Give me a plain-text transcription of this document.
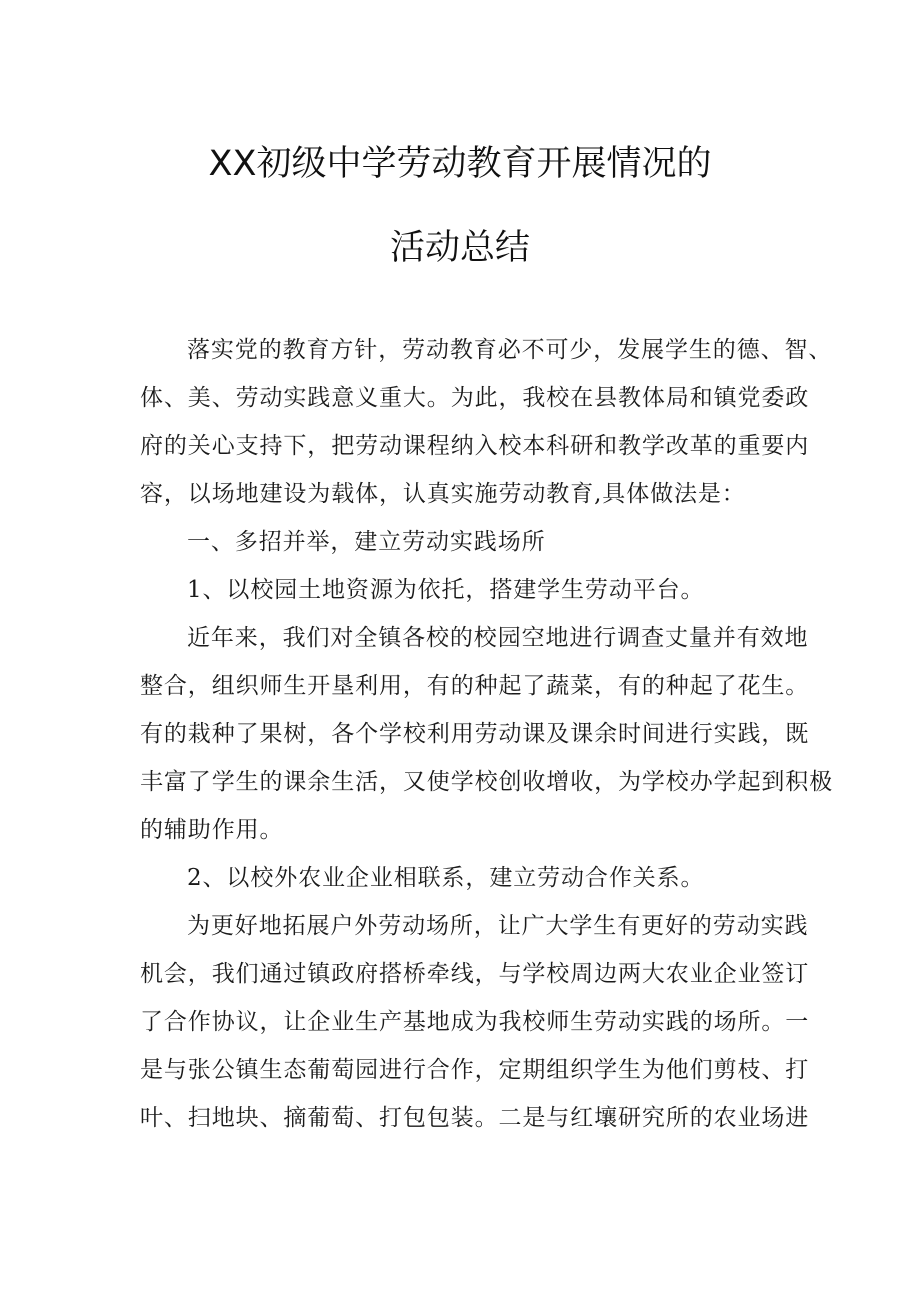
XX初级中学劳动教育开展情况的
活动总结
落实党的教育方针，劳动教育必不可少，发展学生的德、智、
体、美、劳动实践意义重大。为此，我校在县教体局和镇党委政
府的关心支持下，把劳动课程纳入校本科研和教学改革的重要内
容，以场地建设为载体，认真实施劳动教育,具体做法是：
一、多招并举，建立劳动实践场所
1、以校园土地资源为依托，搭建学生劳动平台。
近年来，我们对全镇各校的校园空地进行调查丈量并有效地
整合，组织师生开垦利用，有的种起了蔬菜，有的种起了花生。
有的栽种了果树，各个学校利用劳动课及课余时间进行实践，既
丰富了学生的课余生活，又使学校创收增收，为学校办学起到积极
的辅助作用。
2、以校外农业企业相联系，建立劳动合作关系。
为更好地拓展户外劳动场所，让广大学生有更好的劳动实践
机会，我们通过镇政府搭桥牵线，与学校周边两大农业企业签订
了合作协议，让企业生产基地成为我校师生劳动实践的场所。一
是与张公镇生态葡萄园进行合作，定期组织学生为他们剪枝、打
叶、扫地块、摘葡萄、打包包装。二是与红壤研究所的农业场进
